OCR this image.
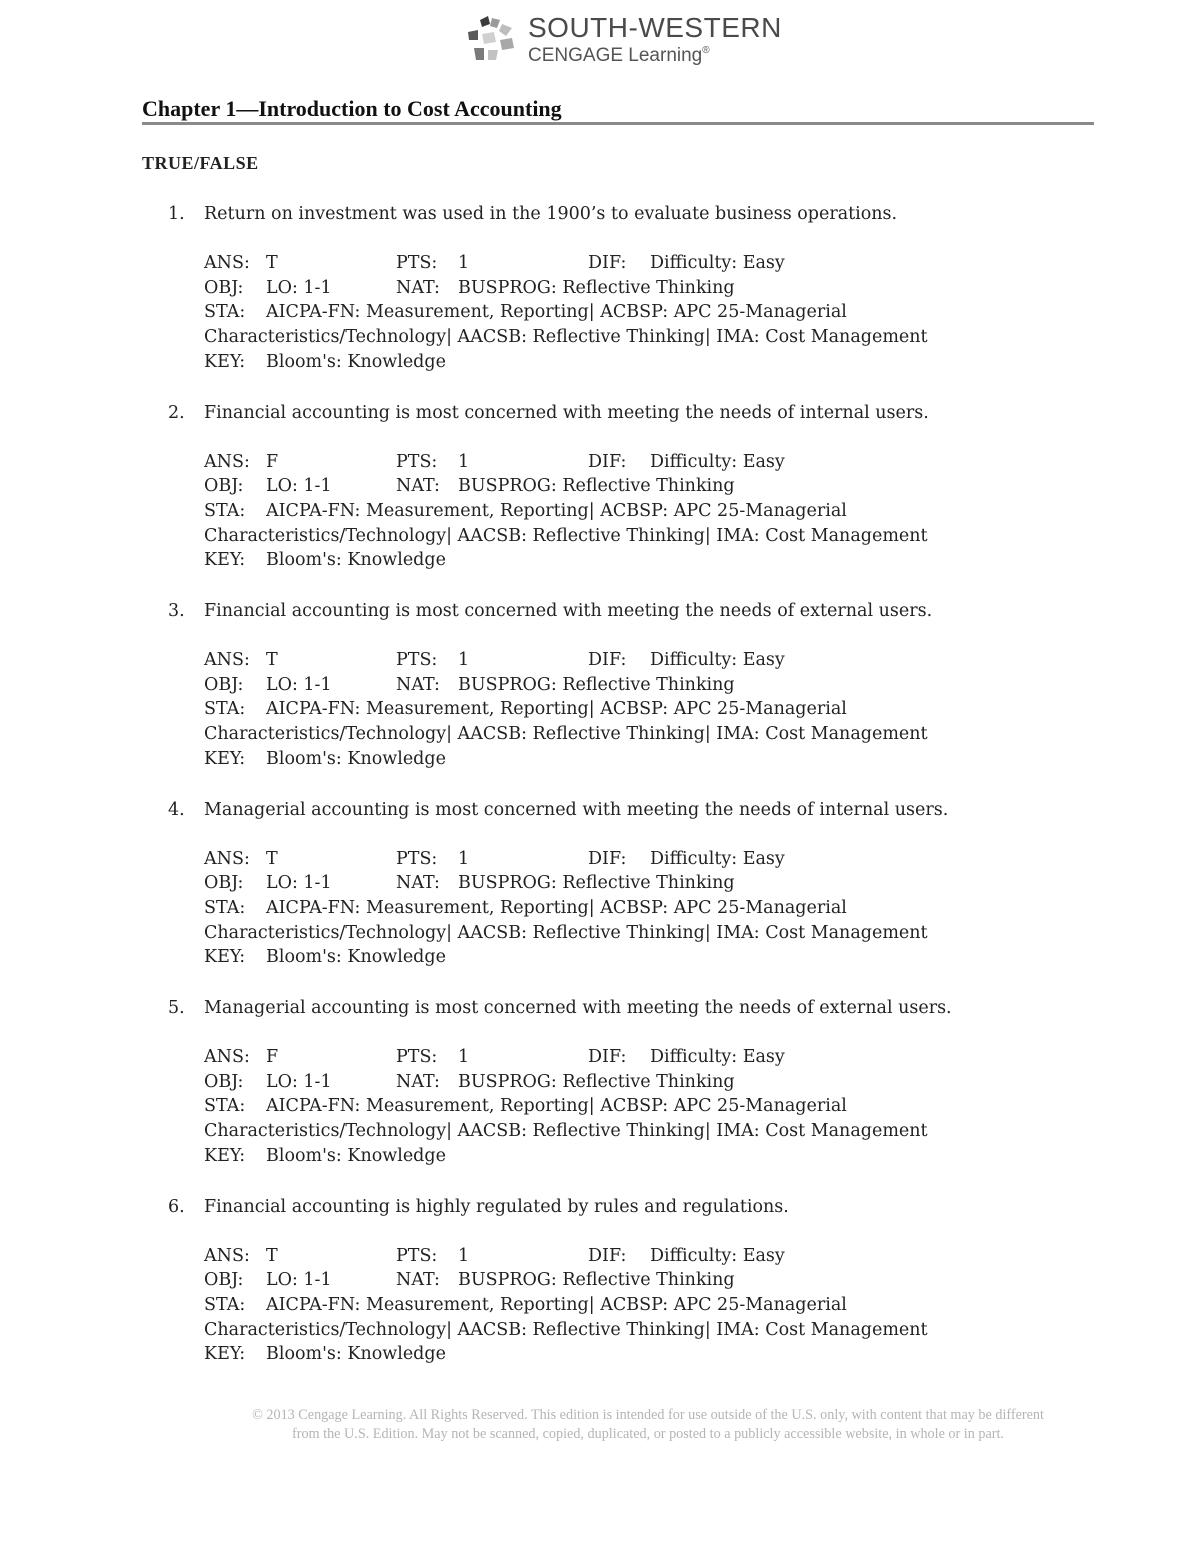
SOUTH-WESTERN
CENGAGE Learning®
Chapter 1—Introduction to Cost Accounting
TRUE/FALSE
1. Return on investment was used in the 1900’s to evaluate business operations.
ANS: T	PTS: 1	DIF: Difficulty: Easy
OBJ: LO: 1-1	NAT: BUSPROG: Reflective Thinking
STA: AICPA-FN: Measurement, Reporting| ACBSP: APC 25-Managerial
Characteristics/Technology| AACSB: Reflective Thinking| IMA: Cost Management
KEY: Bloom's: Knowledge
2. Financial accounting is most concerned with meeting the needs of internal users.
ANS: F	PTS: 1	DIF: Difficulty: Easy
OBJ: LO: 1-1	NAT: BUSPROG: Reflective Thinking
STA: AICPA-FN: Measurement, Reporting| ACBSP: APC 25-Managerial
Characteristics/Technology| AACSB: Reflective Thinking| IMA: Cost Management
KEY: Bloom's: Knowledge
3. Financial accounting is most concerned with meeting the needs of external users.
ANS: T	PTS: 1	DIF: Difficulty: Easy
OBJ: LO: 1-1	NAT: BUSPROG: Reflective Thinking
STA: AICPA-FN: Measurement, Reporting| ACBSP: APC 25-Managerial
Characteristics/Technology| AACSB: Reflective Thinking| IMA: Cost Management
KEY: Bloom's: Knowledge
4. Managerial accounting is most concerned with meeting the needs of internal users.
ANS: T	PTS: 1	DIF: Difficulty: Easy
OBJ: LO: 1-1	NAT: BUSPROG: Reflective Thinking
STA: AICPA-FN: Measurement, Reporting| ACBSP: APC 25-Managerial
Characteristics/Technology| AACSB: Reflective Thinking| IMA: Cost Management
KEY: Bloom's: Knowledge
5. Managerial accounting is most concerned with meeting the needs of external users.
ANS: F	PTS: 1	DIF: Difficulty: Easy
OBJ: LO: 1-1	NAT: BUSPROG: Reflective Thinking
STA: AICPA-FN: Measurement, Reporting| ACBSP: APC 25-Managerial
Characteristics/Technology| AACSB: Reflective Thinking| IMA: Cost Management
KEY: Bloom's: Knowledge
6. Financial accounting is highly regulated by rules and regulations.
ANS: T	PTS: 1	DIF: Difficulty: Easy
OBJ: LO: 1-1	NAT: BUSPROG: Reflective Thinking
STA: AICPA-FN: Measurement, Reporting| ACBSP: APC 25-Managerial
Characteristics/Technology| AACSB: Reflective Thinking| IMA: Cost Management
KEY: Bloom's: Knowledge
© 2013 Cengage Learning. All Rights Reserved. This edition is intended for use outside of the U.S. only, with content that may be different
from the U.S. Edition. May not be scanned, copied, duplicated, or posted to a publicly accessible website, in whole or in part.
